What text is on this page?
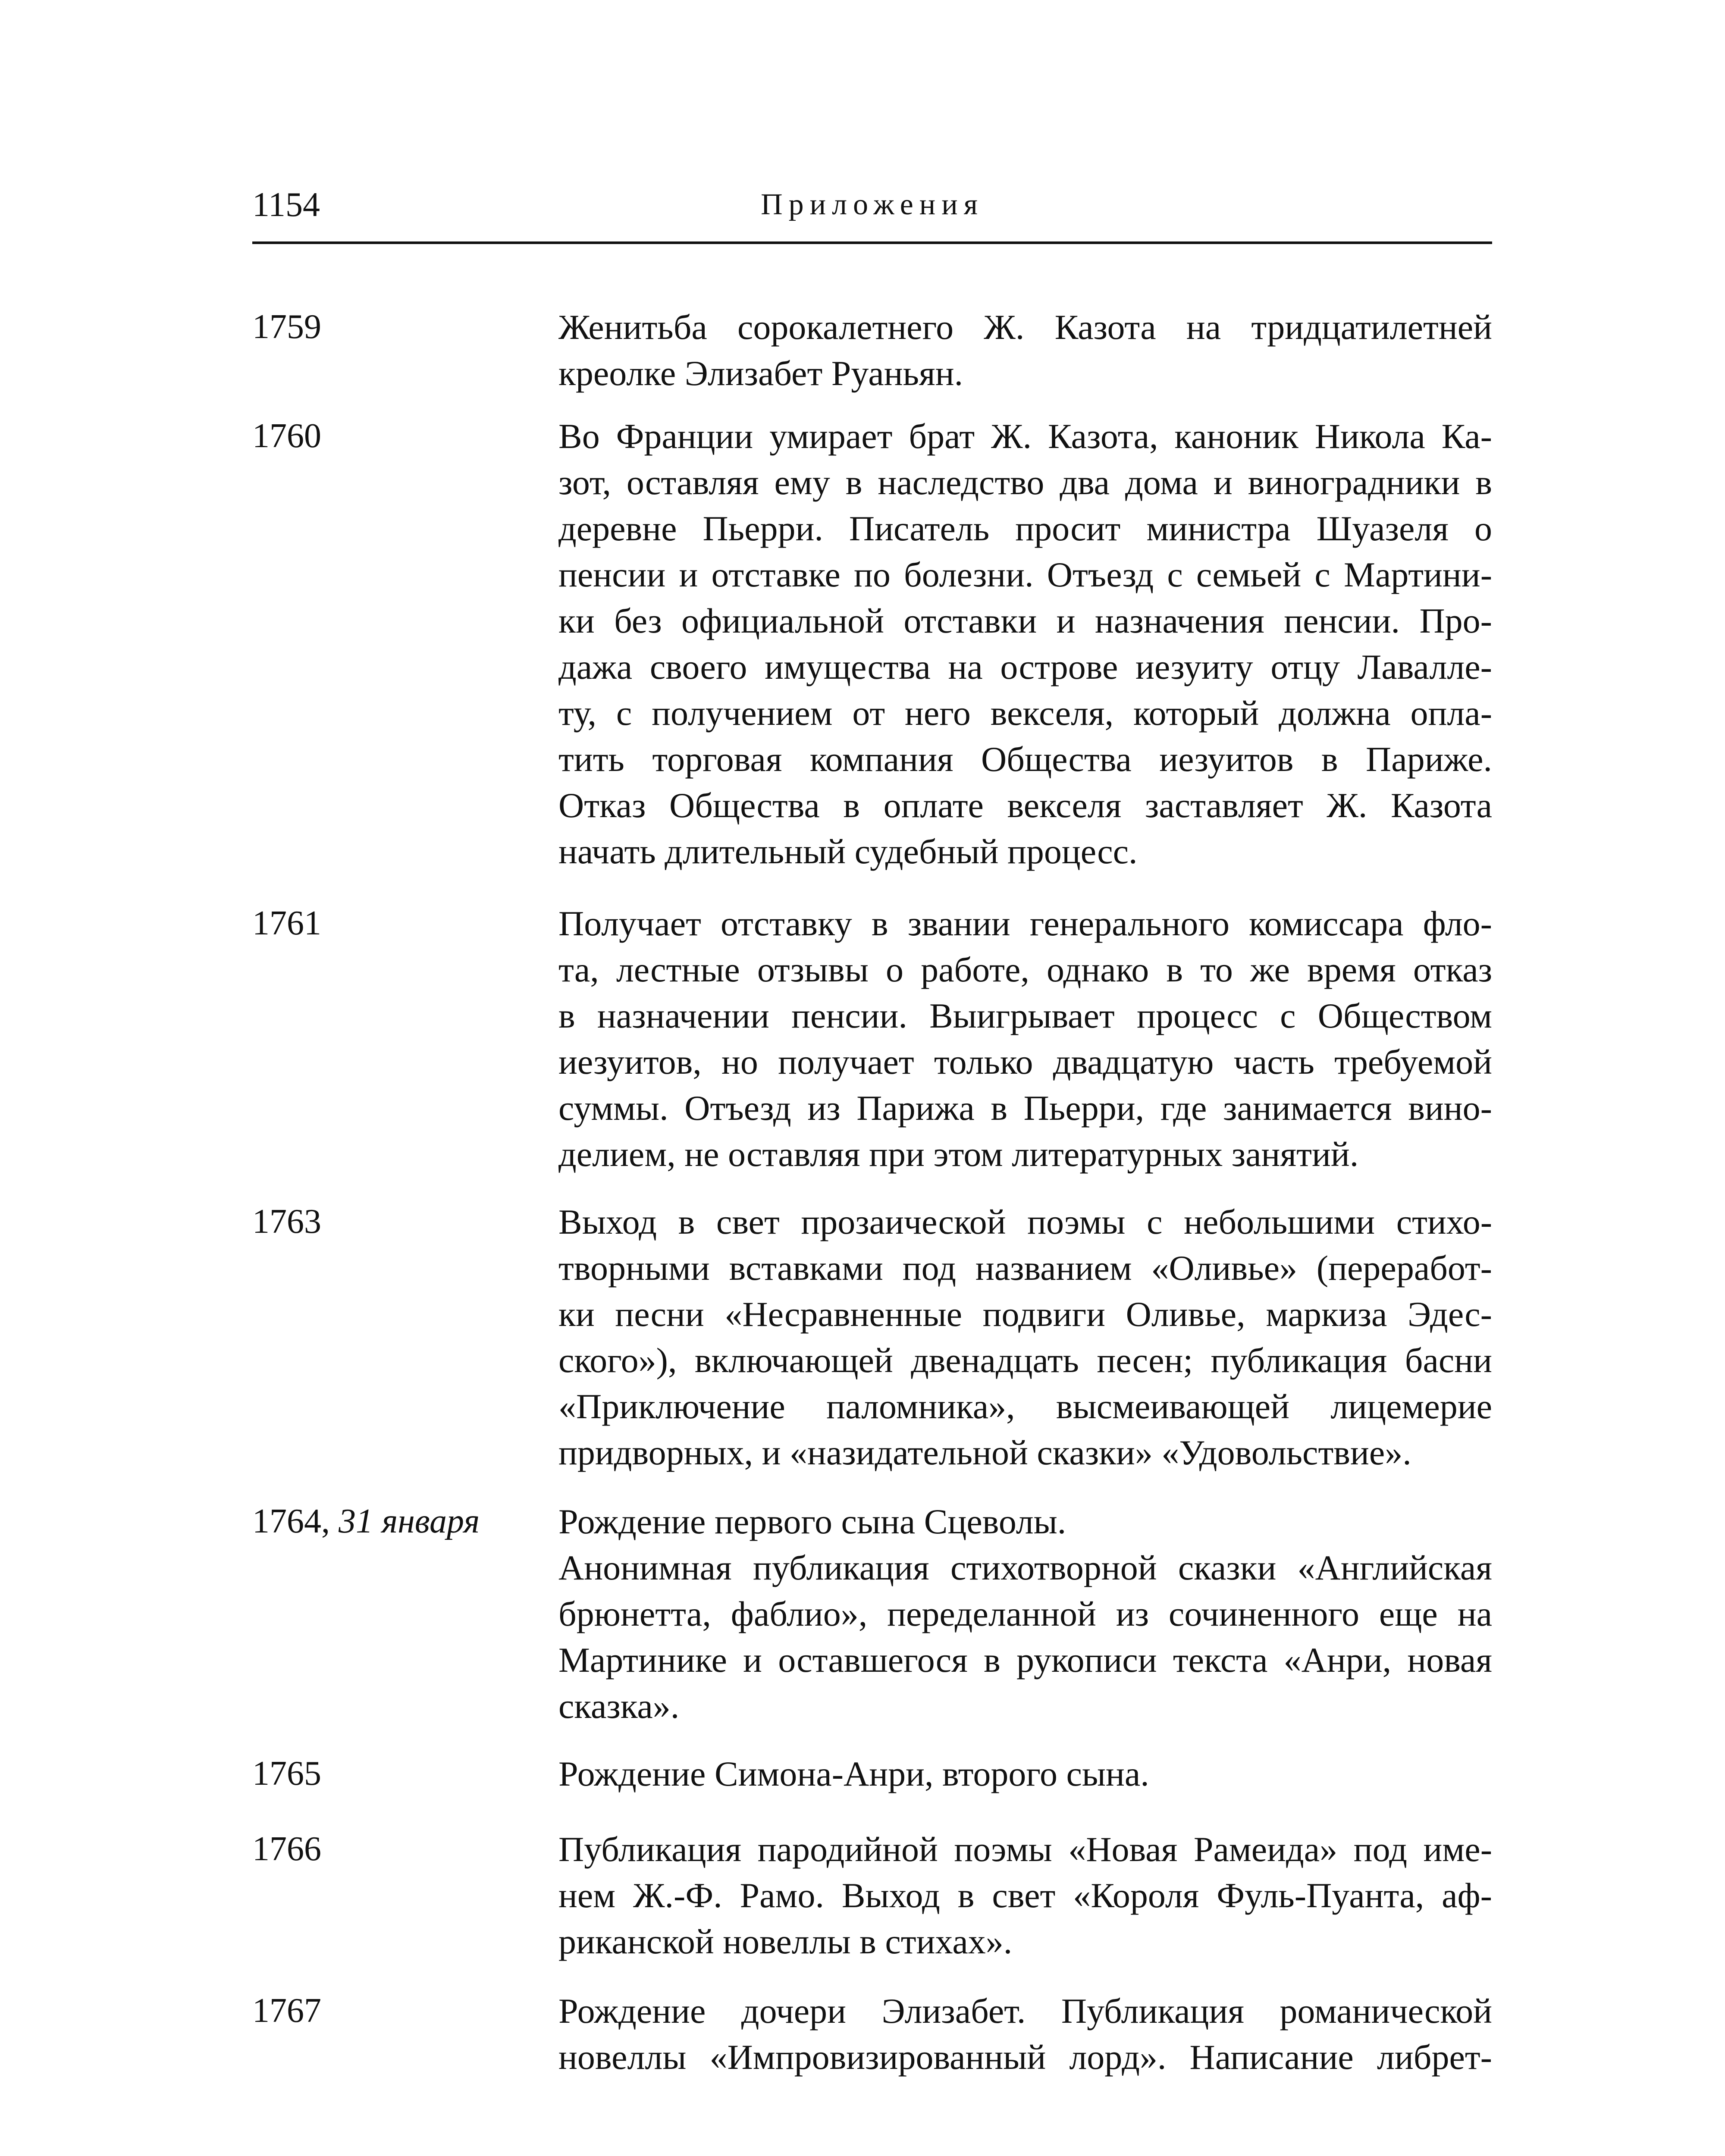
1154	Приложения
1759	Женитьба сорокалетнего Ж. Казота на тридцатилетней
креолке Элизабет Руаньян.
1760	Во Франции умирает брат Ж. Казота, каноник Никола Ка-
зот, оставляя ему в наследство два дома и виноградники в
деревне Пьерри. Писатель просит министра Шуазеля о
пенсии и отставке по болезни. Отъезд с семьей с Мартини-
ки без официальной отставки и назначения пенсии. Про-
дажа своего имущества на острове иезуиту отцу Лавалле-
ту, с получением от него векселя, который должна опла-
тить торговая компания Общества иезуитов в Париже.
Отказ Общества в оплате векселя заставляет Ж. Казота
начать длительный судебный процесс.
1761	Получает отставку в звании генерального комиссара фло-
та, лестные отзывы о работе, однако в то же время отказ
в назначении пенсии. Выигрывает процесс с Обществом
иезуитов, но получает только двадцатую часть требуемой
суммы. Отъезд из Парижа в Пьерри, где занимается вино-
делием, не оставляя при этом литературных занятий.
1763	Выход в свет прозаической поэмы с небольшими стихо-
творными вставками под названием «Оливье» (переработ-
ки песни «Несравненные подвиги Оливье, маркиза Эдес-
ского»), включающей двенадцать песен; публикация басни
«Приключение паломника», высмеивающей лицемерие
придворных, и «назидательной сказки» «Удовольствие».
1764, 31 января Рождение первого сына Сцеволы.
Анонимная публикация стихотворной сказки «Английская
брюнетта, фаблио», переделанной из сочиненного еще на
Мартинике и оставшегося в рукописи текста «Анри, новая
сказка».
1765	Рождение Симона-Анри, второго сына.
1766	Публикация пародийной поэмы «Новая Рамеида» под име-
нем Ж.-Ф. Рамо. Выход в свет «Короля Фуль-Пуанта, аф-
риканской новеллы в стихах».
1767	Рождение дочери Элизабет. Публикация романической
новеллы «Импровизированный лорд». Написание либрет-
